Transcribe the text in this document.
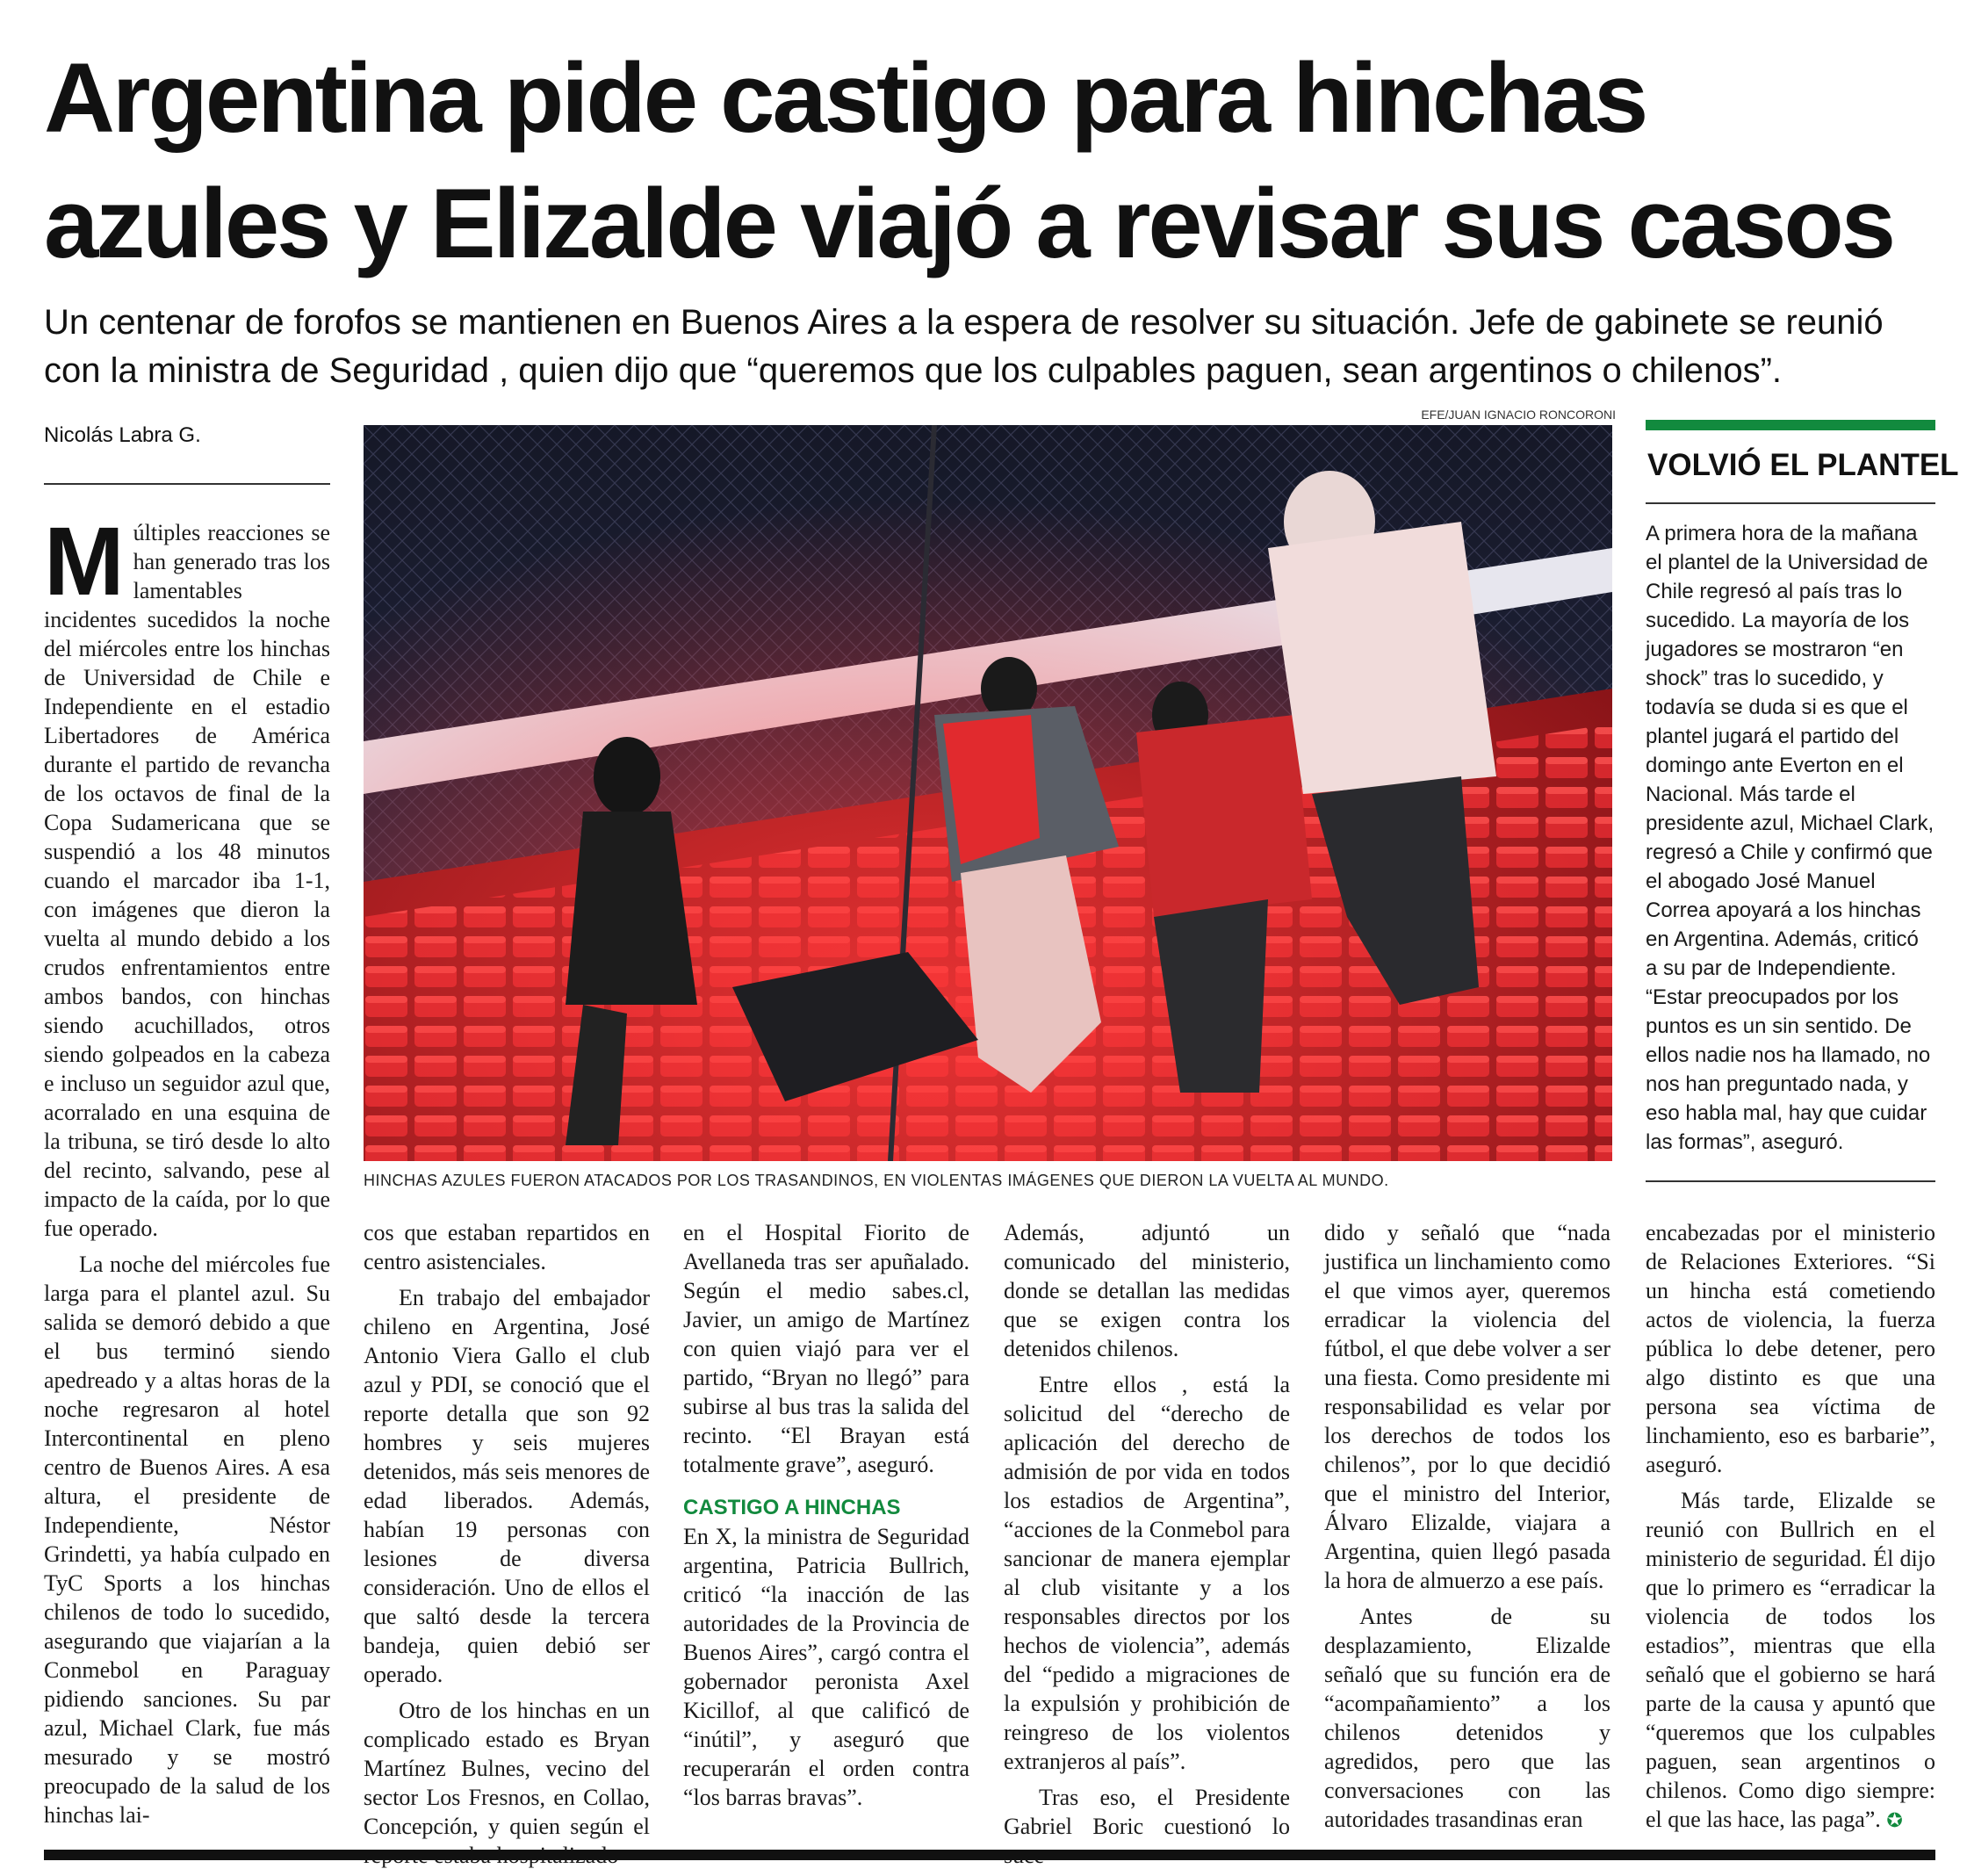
Argentina pide castigo para hinchas azules y Elizalde viajó a revisar sus casos

Un centenar de forofos se mantienen en Buenos Aires a la espera de resolver su situación. Jefe de gabinete se reunió con la ministra de Seguridad , quien dijo que “queremos que los culpables paguen, sean argentinos o chilenos”.

Nicolás Labra G.

Múltiples reacciones se han generado tras los lamentables incidentes sucedidos la noche del miércoles entre los hinchas de Universidad de Chile e Independiente en el estadio Libertadores de América durante el partido de revancha de los octavos de final de la Copa Sudamericana que se suspendió a los 48 minutos cuando el marcador iba 1-1, con imágenes que dieron la vuelta al mundo debido a los crudos enfrentamientos entre ambos bandos, con hinchas siendo acuchillados, otros siendo golpeados en la cabeza e incluso un seguidor azul que, acorralado en una esquina de la tribuna, se tiró desde lo alto del recinto, salvando, pese al impacto de la caída, por lo que fue operado.

La noche del miércoles fue larga para el plantel azul. Su salida se demoró debido a que el bus terminó siendo apedreado y a altas horas de la noche regresaron al hotel Intercontinental en pleno centro de Buenos Aires. A esa altura, el presidente de Independiente, Néstor Grindetti, ya había culpado en TyC Sports a los hinchas chilenos de todo lo sucedido, asegurando que viajarían a la Conmebol en Paraguay pidiendo sanciones. Su par azul, Michael Clark, fue más mesurado y se mostró preocupado de la salud de los hinchas lai-

EFE/JUAN IGNACIO RONCORONI
HINCHAS AZULES FUERON ATACADOS POR LOS TRASANDINOS, EN VIOLENTAS IMÁGENES QUE DIERON LA VUELTA AL MUNDO.
VOLVIÓ EL PLANTEL
A primera hora de la mañana el plantel de la Universidad de Chile regresó al país tras lo sucedido. La mayoría de los jugadores se mostraron “en shock” tras lo sucedido, y todavía se duda si es que el plantel jugará el partido del domingo ante Everton en el Nacional. Más tarde el presidente azul, Michael Clark, regresó a Chile y confirmó que el abogado José Manuel Correa apoyará a los hinchas en Argentina. Además, criticó a su par de Independiente. “Estar preocupados por los puntos es un sin sentido. De ellos nadie nos ha llamado, no nos han preguntado nada, y eso habla mal, hay que cuidar las formas”, aseguró.

cos que estaban repartidos en centro asistenciales.

En trabajo del embajador chileno en Argentina, José Antonio Viera Gallo el club azul y PDI, se conoció que el reporte detalla que son 92 hombres y seis mujeres detenidos, más seis menores de edad liberados. Además, habían 19 personas con lesiones de diversa consideración. Uno de ellos el que saltó desde la tercera bandeja, quien debió ser operado.

Otro de los hinchas en un complicado estado es Bryan Martínez Bulnes, vecino del sector Los Fresnos, en Collao, Concepción, y quien según el

en el Hospital Fiorito de Avellaneda tras ser apuñalado. Según el medio sabes.cl, Javier, un amigo de Martínez con quien viajó para ver el partido, “Bryan no llegó” para subirse al bus tras la salida del recinto. “El Brayan está totalmente grave”, aseguró.

CASTIGO A HINCHAS

En X, la ministra de Seguridad argentina, Patricia Bullrich, criticó “la inacción de las autoridades de la Provincia de Buenos Aires”, cargó contra el gobernador peronista Axel Kicillof, al que calificó de “inútil”, y aseguró que recuperarán el orden contra “los barras bravas”.

Además, adjuntó un comunicado del ministerio, donde se detallan las medidas que se exigen contra los detenidos chilenos.

Entre ellos , está la solicitud del “derecho de aplicación del derecho de admisión de por vida en todos los estadios de Argentina”, “acciones de la Conmebol para sancionar de manera ejemplar al club visitante y a los responsables directos por los hechos de violencia”, además del “pedido a migraciones de la expulsión y prohibición de reingreso de los violentos extranjeros al país”.

Tras eso, el Presidente Gabriel Boric cuestionó lo

dido y señaló que “nada justifica un linchamiento como el que vimos ayer, queremos erradicar la violencia del fútbol, el que debe volver a ser una fiesta. Como presidente mi responsabilidad es velar por los derechos de todos los chilenos”, por lo que decidió que el ministro del Interior, Álvaro Elizalde, viajara a Argentina, quien llegó pasada la hora de almuerzo a ese país.

Antes de su desplazamiento, Elizalde señaló que su función era de “acompañamiento” a los chilenos detenidos y agredidos, pero que las conversaciones con las autoridades trasandinas eran

encabezadas por el ministerio de Relaciones Exteriores. “Si un hincha está cometiendo actos de violencia, la fuerza pública lo debe detener, pero algo distinto es que una persona sea víctima de linchamiento, eso es barbarie”, aseguró.

Más tarde, Elizalde se reunió con Bullrich en el ministerio de seguridad. Él dijo que lo primero es “erradicar la violencia de todos los estadios”, mientras que ella señaló que el gobierno se hará parte de la causa y apuntó que “queremos que los culpables paguen, sean argentinos o chilenos. Como digo siempre: el que las hace, las paga”. ✪
